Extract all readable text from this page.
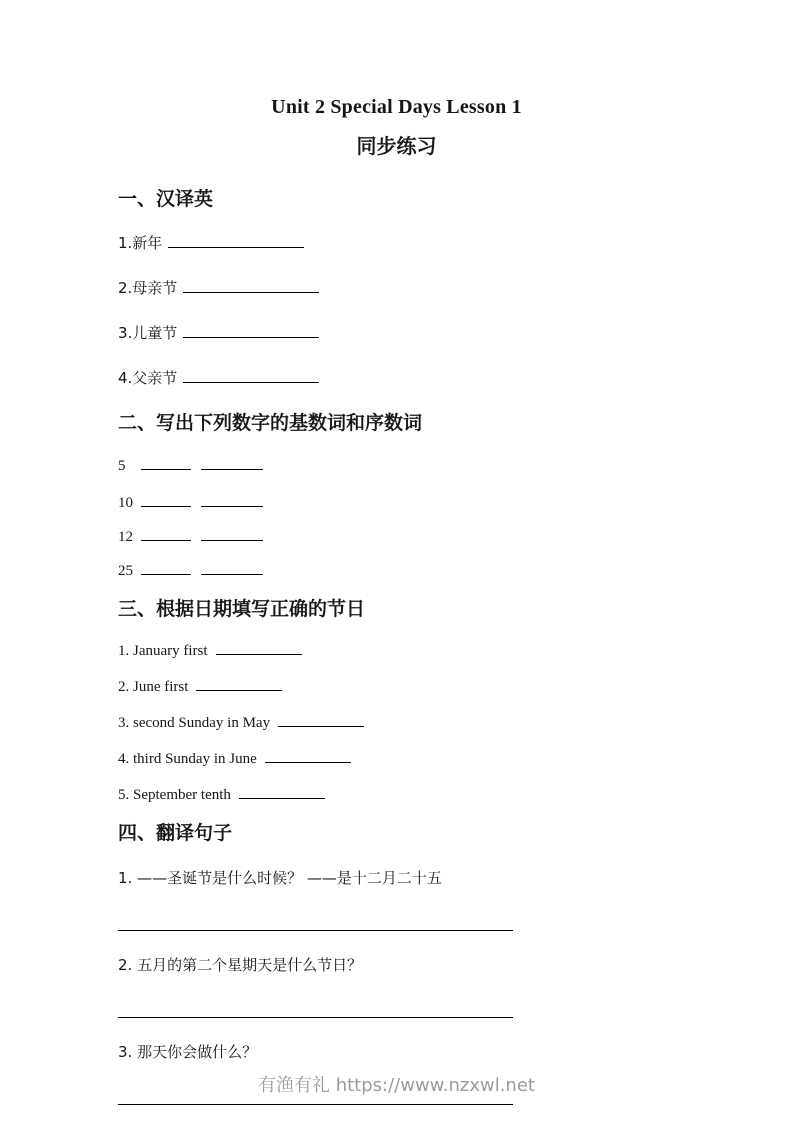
Unit 2 Special Days Lesson 1
同步练习
一、汉译英
1.新年
2.母亲节
3.儿童节
4.父亲节
二、写出下列数字的基数词和序数词
5
10
12
25
三、根据日期填写正确的节日
1. January first
2. June first
3. second Sunday in May
4. third Sunday in June
5. September tenth
四、翻译句子
1. ——圣诞节是什么时候？ ——是十二月二十五
2. 五月的第二个星期天是什么节日？
3. 那天你会做什么？
有渔有礼 https://www.nzxwl.net
